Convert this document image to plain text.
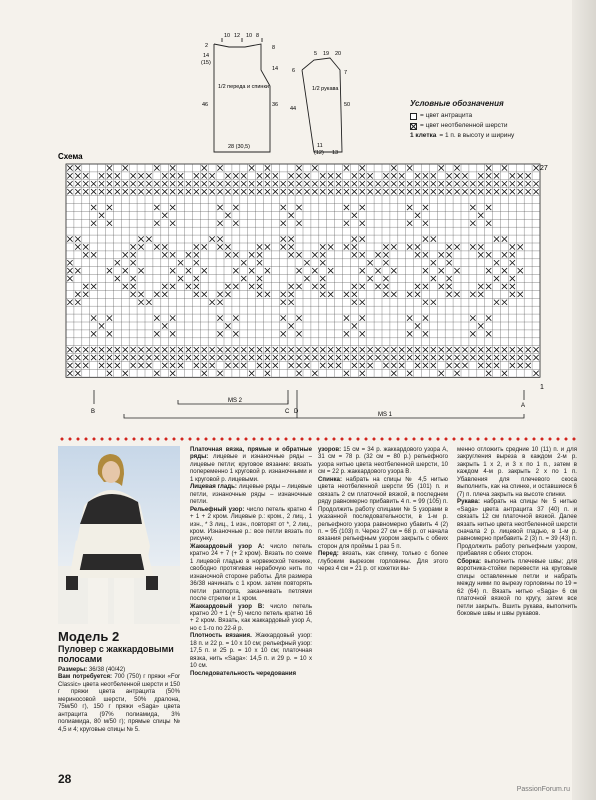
10 12 10 8
2
14
(15)
46
8
14
36
1/2 переда и спинки
28 (30,5)
5 19 20
6
44
7
50
1/2 рукава
11
(12) 13
Условные обозначения
= цвет антрацита
= цвет неотбеленной шерсти
1 клетка = 1 п. в высоту и ширину
Схема
27
1
A
B	C D
MS 2
MS 1
Модель 2
Пуловер с жаккардовыми полосами

Размеры: 36/38 (40/42)

Вам потребуется: 700 (750) г пряжи «For Classic» цвета неотбеленной шерсти и 150 г пряжи цвета антрацита (50% мериносовой шерсти, 50% дралона, 75м/50 г), 150 г пряжи «Saga» цвета антрацита (97% полиамида, 3% полиамида, 80 м/50 г); прямые спицы № 4,5 и 4; круговые спицы № 5.

Платочная вязка, прямые и обратные ряды: лицевые и изнаночные ряды – лицевые петли; круговое вязание: вязать попеременно 1 круговой р. изнаночными и 1 круговой р. лицевыми.

Лицевая гладь: лицевые ряды – лицевые петли, изнаночные ряды – изнаночные петли.

Рельефный узор: число петель кратно 4 + 1 + 2 кром. Лицевые р.: кром., 2 лиц., 1 изн., * 3 лиц., 1 изн., повторят от *, 2 лиц., кром. Изнаночные р.: все петли вязать по рисунку.

Жаккардовый узор А: число петель кратно 24 + 7 (+ 2 кром). Вязать по схеме 1 лицевой гладью в норвежской технике, свободно протягивая нерабочую нить по изнаночной стороне работы. Для размера 36/38 начинать с 1 кром. затем повторять петли раппорта, заканчивать петлями после стрелки и 1 кром.

Жаккардовый узор В: число петель кратно 20 + 1 (+ 5) число петель кратно 16 + 2 кром. Вязать, как жаккардовый узор А, но с 1-го по 22-й р.

Плотность вязания. Жаккардовый узор: 18 п. и 22 р. = 10 x 10 см; рельефный узор: 17,5 п. и 25 р. = 10 x 10 см; платочная вязка, нить «Saga»: 14,5 п. и 29 р. = 10 x 10 см.

Последовательность чередования

узоров: 15 см = 34 р. жаккардового узора А, 31 см = 78 р. (32 см = 80 р.) рельефного узора нитью цвета неотбеленной шерсти, 10 см = 22 р. жаккардового узора В.

Спинка: набрать на спицы № 4,5 нитью цвета неотбеленной шерсти 95 (101) п. и связать 2 см платочной вязкой, в последнем ряду равномерно прибавить 4 п. = 99 (105) п. Продолжить работу спицами № 5 узорами в указанной последовательности, в 1-м р. рельефного узора равномерно убавить 4 (2) п. = 95 (103) п. Через 27 см = 68 р. от начала вязания рельефным узором закрыть с обеих сторон для проймы 1 раз 5 п.

Перед: вязать, как спинку, только с более глубоким вырезом горловины. Для этого через 4 см = 21 р. от кокетки вы-

менно отложить средние 10 (11) п. и для закругления выреза в каждом 2-м р. закрыть 1 х 2, и 3 х по 1 п., затем в каждом 4-м р. закрыть 2 х по 1 п. Убавления для плечевого скоса выполнить, как на спинке, и оставшиеся 6 (7) п. плеча закрыть на высоте спинки.

Рукава: набрать на спицы № 5 нитью «Saga» цвета антрацита 37 (40) п. и связать 12 см платочной вязкой. Далее вязать нитью цвета неотбеленной шерсти сначала 2 р. лицевой гладью, в 1-м р. равномерно прибавить 2 (3) п. = 39 (43) п. Продолжить работу рельефным узором, прибавляя с обеих сторон.

Сборка: выполнить плечевые швы; для воротника-стойки перевести на круговые спицы оставленные петли и набрать между ними по вырезу горловины по 19 = 62 (64) п. Вязать нитью «Saga» 6 см платочной вязкой по кругу, затем все петли закрыть. Вшить рукава, выполнить боковые швы и швы рукавов.

28
PassionForum.ru
